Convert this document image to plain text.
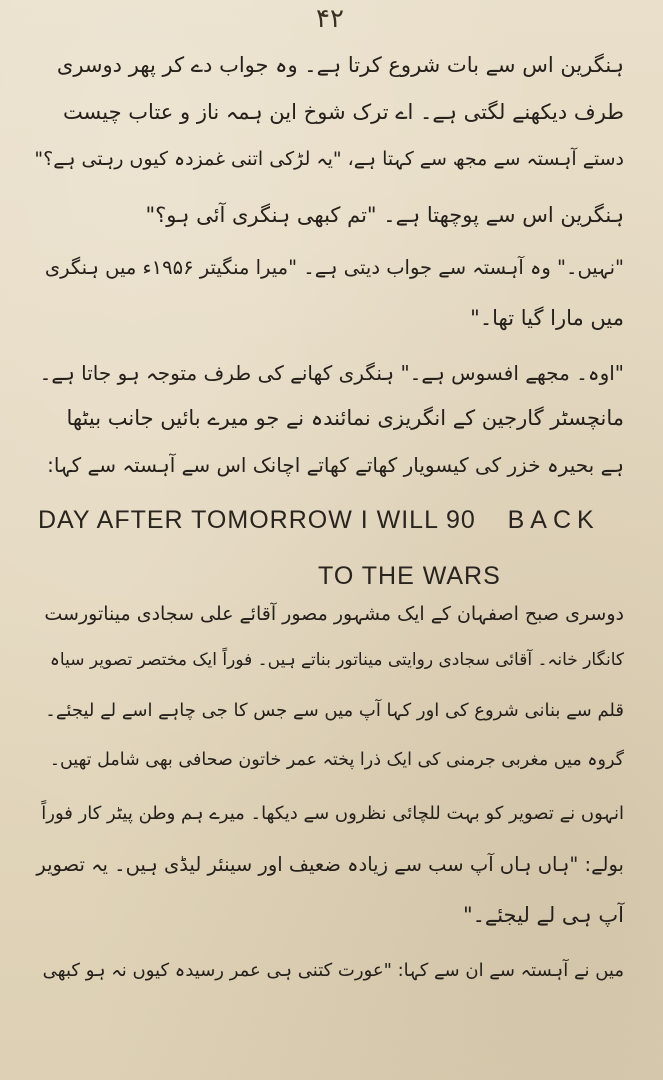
۴۲
ہنگرین اس سے بات شروع کرتا ہے۔ وہ جواب دے کر پھر دوسری
طرف دیکھنے لگتی ہے۔ اے ترک شوخ این ہمہ ناز و عتاب چیست
دستے آہستہ سے مجھ سے کہتا ہے، "یہ لڑکی اتنی غمزدہ کیوں رہتی ہے؟"
ہنگرین اس سے پوچھتا ہے۔ "تم کبھی ہنگری آئی ہو؟"
"نہیں۔" وہ آہستہ سے جواب دیتی ہے۔ "میرا منگیتر ۱۹۵۶ء میں ہنگری
میں مارا گیا تھا۔"
"اوہ۔ مجھے افسوس ہے۔" ہنگری کھانے کی طرف متوجہ ہو جاتا ہے۔
مانچسٹر گارجین کے انگریزی نمائندہ نے جو میرے بائیں جانب بیٹھا
ہے بحیرہ خزر کی کیسویار کھاتے کھاتے اچانک اس سے آہستہ سے کہا:
DAY AFTER TOMORROW I WILL 90 BACK
TO THE WARS
دوسری صبح اصفہان کے ایک مشہور مصور آقائے علی سجادی میناتورست
کانگار خانہ۔ آقائی سجادی روایتی میناتور بناتے ہیں۔ فوراً ایک مختصر تصویر سیاہ
قلم سے بنانی شروع کی اور کہا آپ میں سے جس کا جی چاہے اسے لے لیجئے۔
گروہ میں مغربی جرمنی کی ایک ذرا پختہ عمر خاتون صحافی بھی شامل تھیں۔
انہوں نے تصویر کو بہت للچائی نظروں سے دیکھا۔ میرے ہم وطن پیٹر کار فوراً
بولے: "ہاں ہاں آپ سب سے زیادہ ضعیف اور سینئر لیڈی ہیں۔ یہ تصویر
آپ ہی لے لیجئے۔"
میں نے آہستہ سے ان سے کہا: "عورت کتنی ہی عمر رسیدہ کیوں نہ ہو کبھی
